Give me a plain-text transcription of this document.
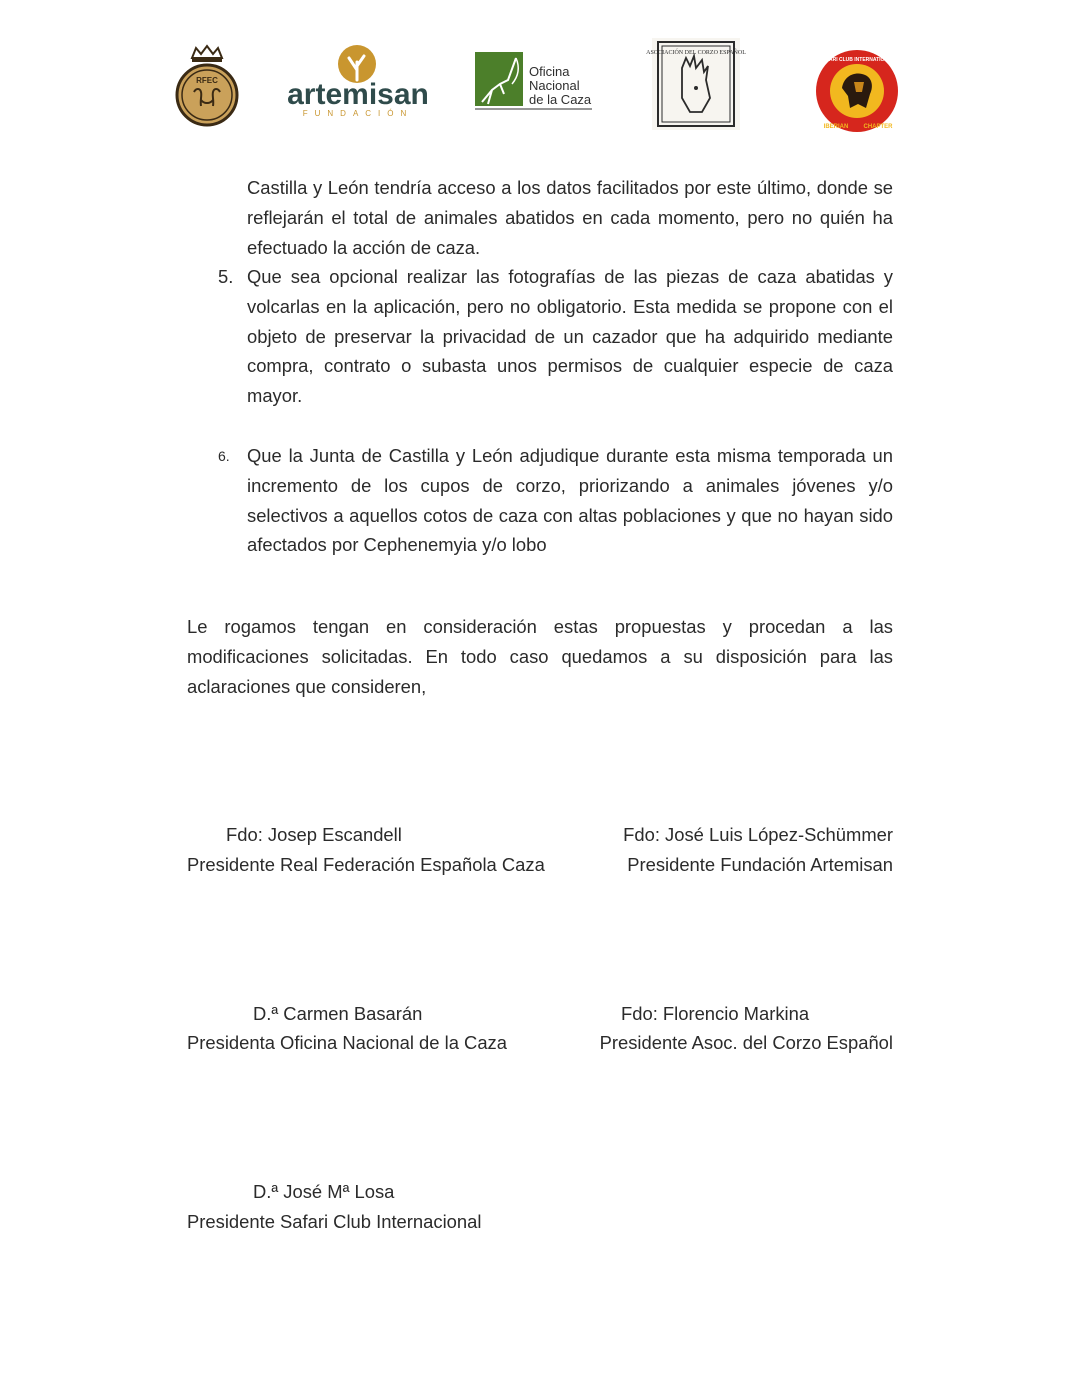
RFEC artemisan
FUNDACIÓN
Oficina
Nacional
de la Caza
ASOCIACIÓN DEL CORZO ESPAÑOL
SAFARI CLUB INTERNATIONAL
IBERIAN	CHAPTER
Castilla y León tendría acceso a los datos facilitados por este último, donde se reflejarán el total de animales abatidos en cada momento, pero no quién ha efectuado la acción de caza.
5. Que sea opcional realizar las fotografías de las piezas de caza abatidas y volcarlas en la aplicación, pero no obligatorio. Esta medida se propone con el objeto de preservar la privacidad de un cazador que ha adquirido mediante compra, contrato o subasta unos permisos de cualquier especie de caza mayor.
6. Que la Junta de Castilla y León adjudique durante esta misma temporada un incremento de los cupos de corzo, priorizando a animales jóvenes y/o selectivos a aquellos cotos de caza con altas poblaciones y que no hayan sido afectados por Cephenemyia y/o lobo
Le rogamos tengan en consideración estas propuestas y procedan a las modificaciones solicitadas. En todo caso quedamos a su disposición para las aclaraciones que consideren,
Fdo: Josep Escandell
Presidente Real Federación Española Caza
Fdo: José Luis López-Schümmer
Presidente Fundación Artemisan
D.ª Carmen Basarán
Presidenta Oficina Nacional de la Caza
Fdo: Florencio Markina
Presidente Asoc. del Corzo Español
D.ª José Mª Losa
Presidente Safari Club Internacional
